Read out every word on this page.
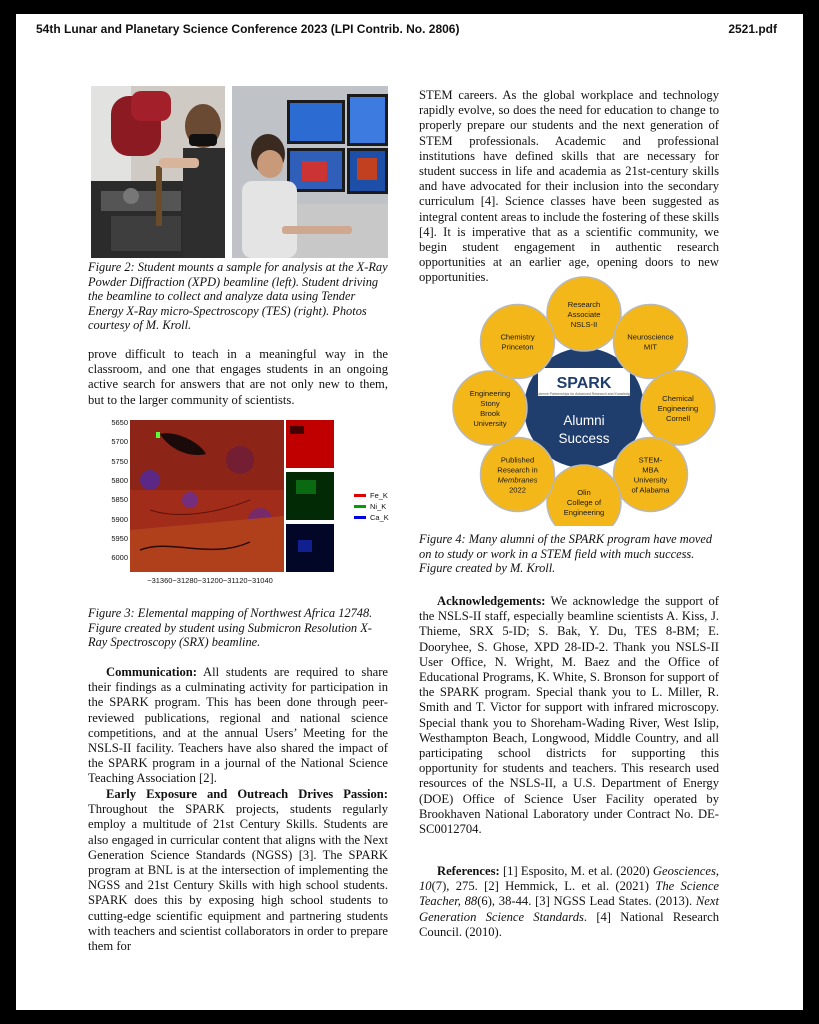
54th Lunar and Planetary Science Conference 2023 (LPI Contrib. No. 2806)	2521.pdf
Figure 2: Student mounts a sample for analysis at the X-Ray Powder Diffraction (XPD) beamline (left). Student driving the beamline to collect and analyze data using Tender Energy X-Ray micro-Spectroscopy (TES) (right). Photos courtesy of M. Kroll.
prove difficult to teach in a meaningful way in the classroom, and one that engages students in an ongoing active search for answers that are not only new to them, but to the larger community of scientists.
5650
5700
5750
5800
5850
5900
5950
6000
Fe_K
Ni_K
Ca_K
−31360−31280−31200−31120−31040
Figure 3: Elemental mapping of Northwest Africa 12748. Figure created by student using Submicron Resolution X-Ray Spectroscopy (SRX) beamline.
Communication: All students are required to share their findings as a culminating activity for participation in the SPARK program. This has been done through peer-reviewed publications, regional and national science competitions, and at the annual Users’ Meeting for the NSLS-II facility. Teachers have also shared the impact of the SPARK program in a journal of the National Science Teaching Association [2].
Early Exposure and Outreach Drives Passion: Throughout the SPARK projects, students regularly employ a multitude of 21st Century Skills. Students are also engaged in curricular content that aligns with the Next Generation Science Standards (NGSS) [3]. The SPARK program at BNL is at the intersection of implementing the NGSS and 21st Century Skills with high school students. SPARK does this by exposing high school students to cutting-edge scientific equipment and partnering students with teachers and scientist collaborators in order to prepare them for
STEM careers. As the global workplace and technology rapidly evolve, so does the need for education to change to properly prepare our students and the next generation of STEM professionals. Academic and professional institutions have defined skills that are necessary for student success in life and academia as 21st-century skills and have advocated for their inclusion into the secondary curriculum [4]. Science classes have been suggested as integral content areas to include the fostering of these skills [4]. It is imperative that as a scientific community, we begin student engagement in authentic research opportunities at an earlier age, opening doors to new opportunities.
SPARK
Science Partnerships for Advanced Research and Knowledge
Alumni
Success
Research
Associate
NSLS-II
Neuroscience
MIT
Chemical
Engineering
Cornell
STEM-
MBA
University
of Alabama
Olin
College of
Engineering
Published
Research in
Membranes
2022
Engineering
Stony
Brook
University
Chemistry
Princeton
Figure 4: Many alumni of the SPARK program have moved on to study or work in a STEM field with much success. Figure created by M. Kroll.
Acknowledgements: We acknowledge the support of the NSLS-II staff, especially beamline scientists A. Kiss, J. Thieme, SRX 5-ID; S. Bak, Y. Du, TES 8-BM; E. Dooryhee, S. Ghose, XPD 28-ID-2. Thank you NSLS-II User Office, N. Wright, M. Baez and the Office of Educational Programs, K. White, S. Bronson for support of the SPARK program. Special thank you to L. Miller, R. Smith and T. Victor for support with infrared microscopy. Special thank you to Shoreham-Wading River, West Islip, Westhampton Beach, Longwood, Middle Country, and all participating school districts for supporting this opportunity for students and teachers. This research used resources of the NSLS-II, a U.S. Department of Energy (DOE) Office of Science User Facility operated by Brookhaven National Laboratory under Contract No. DE-SC0012704.
References: [1] Esposito, M. et al. (2020) Geosciences, 10(7), 275. [2] Hemmick, L. et al. (2021) The Science Teacher, 88(6), 38-44. [3] NGSS Lead States. (2013). Next Generation Science Standards. [4] National Research Council. (2010).
